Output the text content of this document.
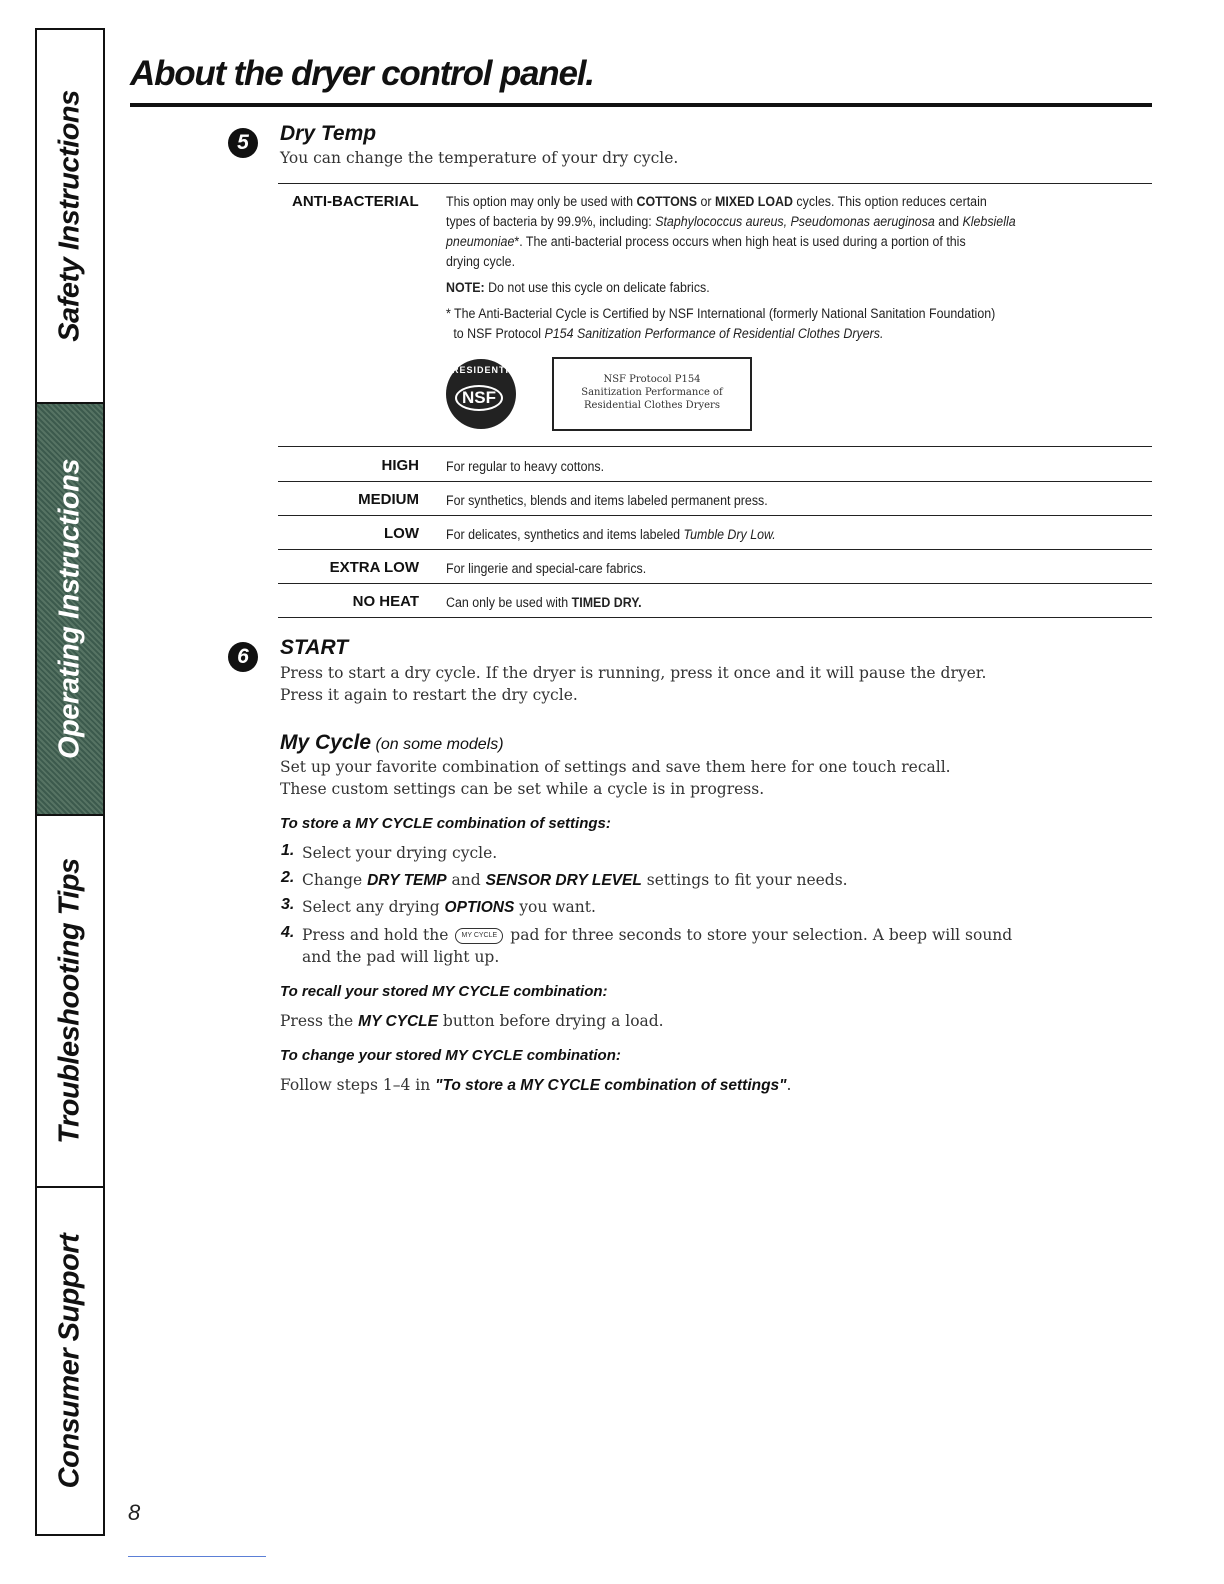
Safety Instructions
Operating Instructions
Troubleshooting Tips
Consumer Support
About the dryer control panel.
5	Dry Temp
You can change the temperature of your dry cycle.
ANTI-BACTERIAL This option may only be used with COTTONS or MIXED LOAD cycles. This option reduces certain

types of bacteria by 99.9%, including: Staphylococcus aureus, Pseudomonas aeruginosa and Klebsiella

pneumoniae*. The anti-bacterial process occurs when high heat is used during a portion of this

drying cycle.

NOTE: Do not use this cycle on delicate fabrics.

* The Anti-Bacterial Cycle is Certified by NSF International (formerly National Sanitation Foundation)

to NSF Protocol P154 Sanitization Performance of Residential Clothes Dryers.

RESIDENTIAL
NSF
NSF Protocol P154
Sanitization Performance of
Residential Clothes Dryers
HIGH For regular to heavy cottons.
MEDIUM For synthetics, blends and items labeled permanent press.
LOW For delicates, synthetics and items labeled Tumble Dry Low.
EXTRA LOW For lingerie and special-care fabrics.
NO HEAT Can only be used with TIMED DRY.
6	START
Press to start a dry cycle. If the dryer is running, press it once and it will pause the dryer.
Press it again to restart the dry cycle.
My Cycle (on some models)
Set up your favorite combination of settings and save them here for one touch recall.
These custom settings can be set while a cycle is in progress.
To store a MY CYCLE combination of settings:
1. Select your drying cycle.
2. Change DRY TEMP and SENSOR DRY LEVEL settings to fit your needs.
3. Select any drying OPTIONS you want.
4. Press and hold the MY CYCLE pad for three seconds to store your selection. A beep will sound
and the pad will light up.
To recall your stored MY CYCLE combination:
Press the MY CYCLE button before drying a load.
To change your stored MY CYCLE combination:
Follow steps 1–4 in "To store a MY CYCLE combination of settings".
8
